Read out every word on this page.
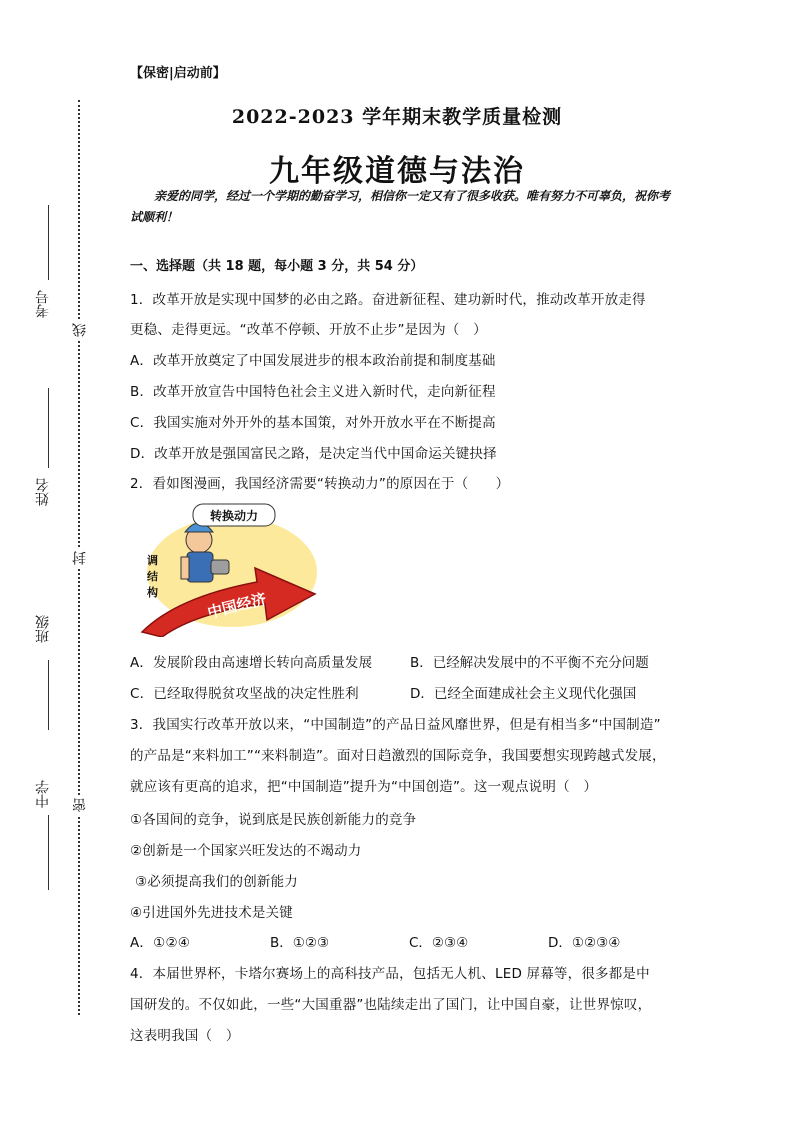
考号
线
姓名
封
班级
中学 密
【保密|启动前】
2022-2023 学年期末教学质量检测
九年级道德与法治
亲爱的同学，经过一个学期的勤奋学习，相信你一定又有了很多收获。唯有努力不可辜负，祝你考试顺利！
一、选择题（共 18 题，每小题 3 分，共 54 分）
1．改革开放是实现中国梦的必由之路。奋进新征程、建功新时代，推动改革开放走得
更稳、走得更远。“改革不停顿、开放不止步”是因为（　）
A．改革开放奠定了中国发展进步的根本政治前提和制度基础
B．改革开放宣告中国特色社会主义进入新时代，走向新征程
C．我国实施对外开外的基本国策，对外开放水平在不断提高
D．改革开放是强国富民之路，是决定当代中国命运关键抉择
2．看如图漫画，我国经济需要“转换动力”的原因在于（　　）
转换动力
调
结
构	中国经济
A．发展阶段由高速增长转向高质量发展	B．已经解决发展中的不平衡不充分问题
C．已经取得脱贫攻坚战的决定性胜利	D．已经全面建成社会主义现代化强国
3．我国实行改革开放以来，“中国制造”的产品日益风靡世界，但是有相当多“中国制造”
的产品是“来料加工”“来料制造”。面对日趋激烈的国际竞争，我国要想实现跨越式发展，
就应该有更高的追求，把“中国制造”提升为“中国创造”。这一观点说明（　）
①各国间的竞争，说到底是民族创新能力的竞争
②创新是一个国家兴旺发达的不竭动力
③必须提高我们的创新能力
④引进国外先进技术是关键
A．①②④	B．①②③	C．②③④	D．①②③④
4．本届世界杯，卡塔尔赛场上的高科技产品，包括无人机、LED 屏幕等，很多都是中
国研发的。不仅如此，一些“大国重器”也陆续走出了国门，让中国自豪，让世界惊叹，
这表明我国（　）
